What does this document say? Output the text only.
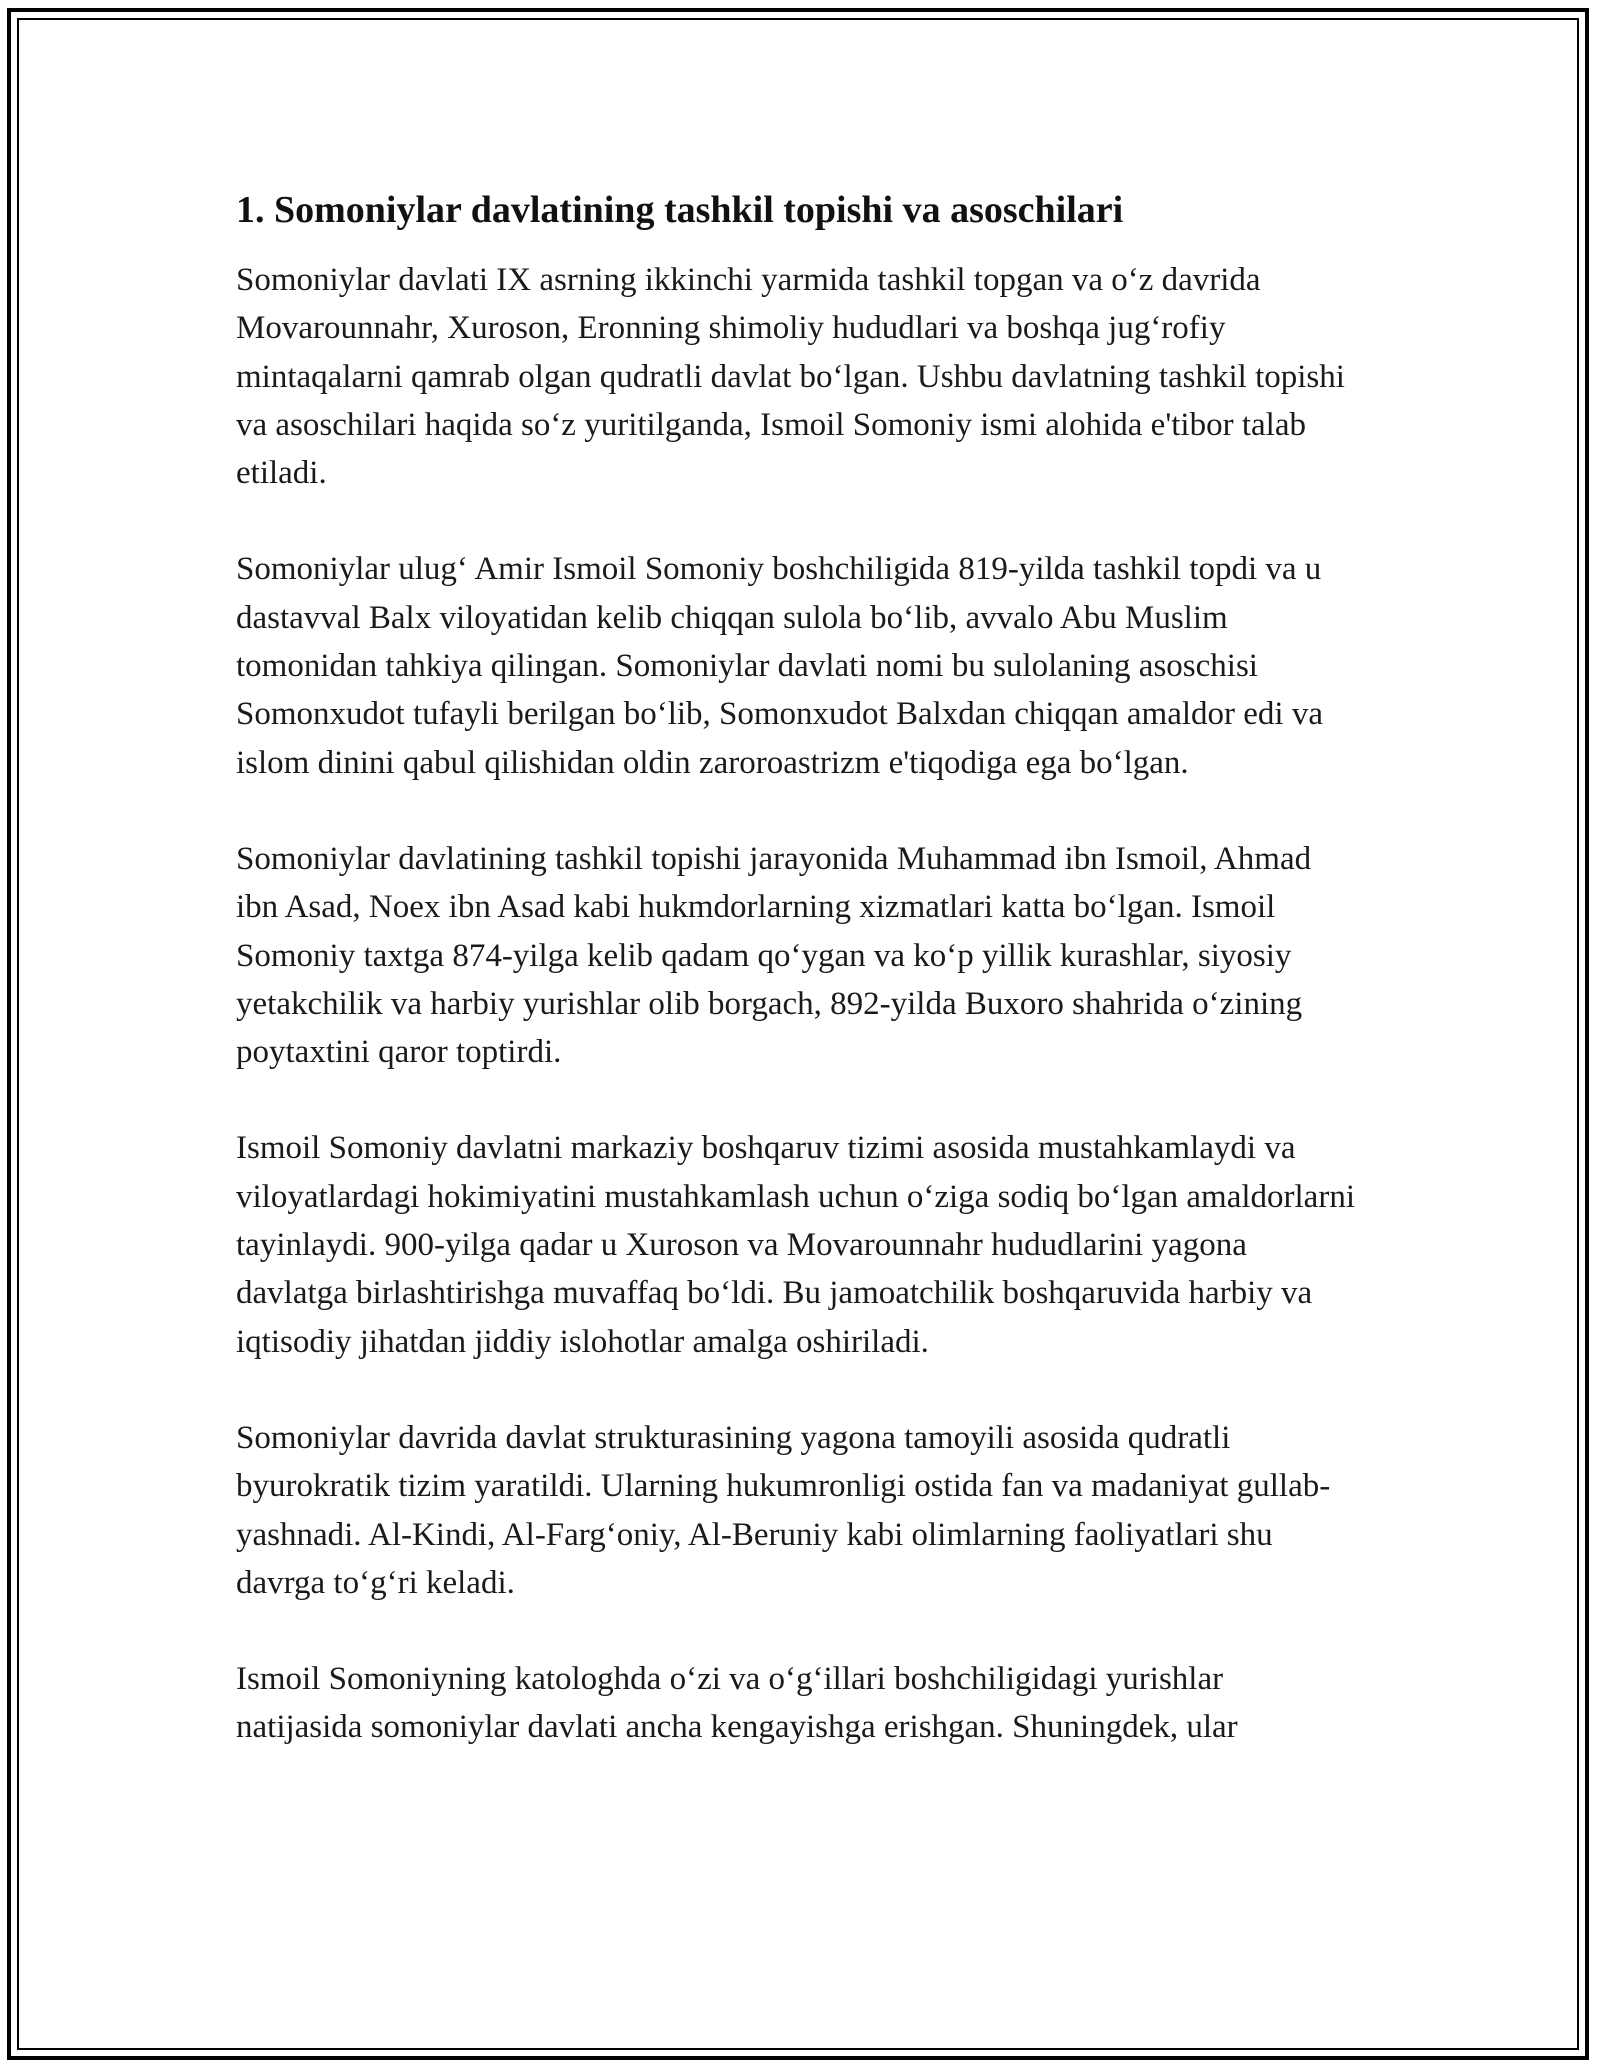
1. Somoniylar davlatining tashkil topishi va asoschilari

Somoniylar davlati IX asrning ikkinchi yarmida tashkil topgan va o‘z davrida Movarounnahr, Xuroson, Eronning shimoliy hududlari va boshqa jug‘rofiy mintaqalarni qamrab olgan qudratli davlat bo‘lgan. Ushbu davlatning tashkil topishi va asoschilari haqida so‘z yuritilganda, Ismoil Somoniy ismi alohida e'tibor talab etiladi.

Somoniylar ulug‘ Amir Ismoil Somoniy boshchiligida 819-yilda tashkil topdi va u dastavval Balx viloyatidan kelib chiqqan sulola bo‘lib, avvalo Abu Muslim tomonidan tahkiya qilingan. Somoniylar davlati nomi bu sulolaning asoschisi Somonxudot tufayli berilgan bo‘lib, Somonxudot Balxdan chiqqan amaldor edi va islom dinini qabul qilishidan oldin zaroroastrizm e'tiqodiga ega bo‘lgan.

Somoniylar davlatining tashkil topishi jarayonida Muhammad ibn Ismoil, Ahmad ibn Asad, Noex ibn Asad kabi hukmdorlarning xizmatlari katta bo‘lgan. Ismoil Somoniy taxtga 874-yilga kelib qadam qo‘ygan va ko‘p yillik kurashlar, siyosiy yetakchilik va harbiy yurishlar olib borgach, 892-yilda Buxoro shahrida o‘zining poytaxtini qaror toptirdi.

Ismoil Somoniy davlatni markaziy boshqaruv tizimi asosida mustahkamlaydi va viloyatlardagi hokimiyatini mustahkamlash uchun o‘ziga sodiq bo‘lgan amaldorlarni tayinlaydi. 900-yilga qadar u Xuroson va Movarounnahr hududlarini yagona davlatga birlashtirishga muvaffaq bo‘ldi. Bu jamoatchilik boshqaruvida harbiy va iqtisodiy jihatdan jiddiy islohotlar amalga oshiriladi.

Somoniylar davrida davlat strukturasining yagona tamoyili asosida qudratli byurokratik tizim yaratildi. Ularning hukumronligi ostida fan va madaniyat gullab-yashnadi. Al-Kindi, Al-Farg‘oniy, Al-Beruniy kabi olimlarning faoliyatlari shu davrga to‘g‘ri keladi.

Ismoil Somoniyning katologhda o‘zi va o‘g‘illari boshchiligidagi yurishlar natijasida somoniylar davlati ancha kengayishga erishgan. Shuningdek, ular
